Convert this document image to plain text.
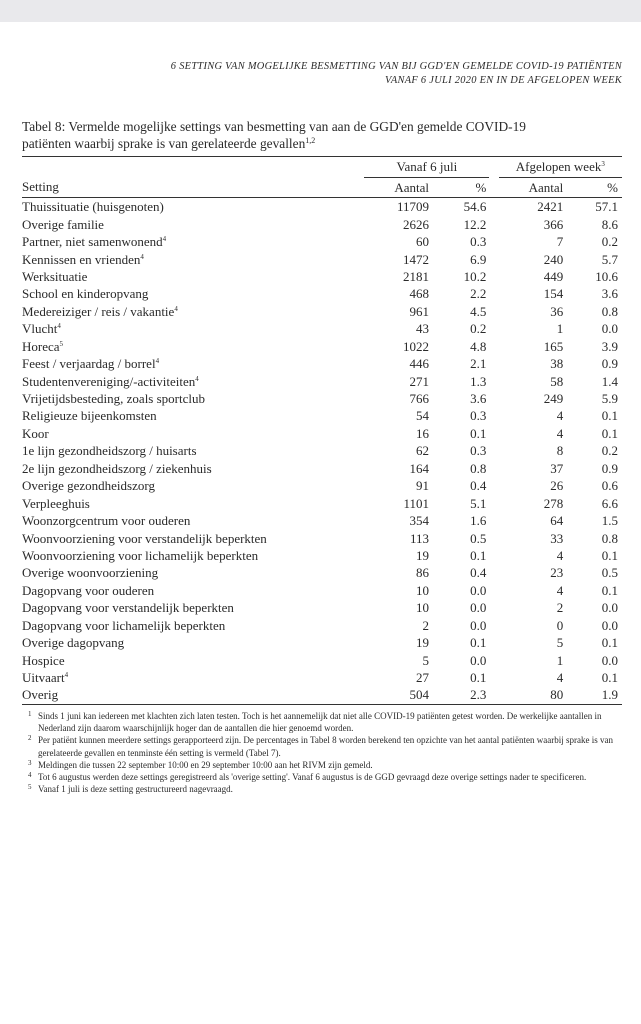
6 SETTING VAN MOGELIJKE BESMETTING VAN BIJ GGD'EN GEMELDE COVID-19 PATIËNTEN
VANAF 6 JULI 2020 EN IN DE AFGELOPEN WEEK
Tabel 8: Vermelde mogelijke settings van besmetting van aan de GGD'en gemelde COVID-19
patiënten waarbij sprake is van gerelateerde gevallen$^{1,2}$
	Vanaf 6 juli			Afgelopen week$^3$
Setting	Aantal	%		Aantal	%
Thuissituatie (huisgenoten)	11709	54.6		2421	57.1
Overige familie	2626	12.2		366	8.6
Partner, niet samenwonend$^4$	60	0.3		7	0.2
Kennissen en vrienden$^4$	1472	6.9		240	5.7
Werksituatie	2181	10.2		449	10.6
School en kinderopvang	468	2.2		154	3.6
Medereiziger / reis / vakantie$^4$	961	4.5		36	0.8
Vlucht$^4$	43	0.2		1	0.0
Horeca$^5$	1022	4.8		165	3.9
Feest / verjaardag / borrel$^4$	446	2.1		38	0.9
Studentenvereniging/-activiteiten$^4$	271	1.3		58	1.4
Vrijetijdsbesteding, zoals sportclub	766	3.6		249	5.9
Religieuze bijeenkomsten	54	0.3		4	0.1
Koor	16	0.1		4	0.1
1e lijn gezondheidszorg / huisarts	62	0.3		8	0.2
2e lijn gezondheidszorg / ziekenhuis	164	0.8		37	0.9
Overige gezondheidszorg	91	0.4		26	0.6
Verpleeghuis	1101	5.1		278	6.6
Woonzorgcentrum voor ouderen	354	1.6		64	1.5
Woonvoorziening voor verstandelijk beperkten	113	0.5		33	0.8
Woonvoorziening voor lichamelijk beperkten	19	0.1		4	0.1
Overige woonvoorziening	86	0.4		23	0.5
Dagopvang voor ouderen	10	0.0		4	0.1
Dagopvang voor verstandelijk beperkten	10	0.0		2	0.0
Dagopvang voor lichamelijk beperkten	2	0.0		0	0.0
Overige dagopvang	19	0.1		5	0.1
Hospice	5	0.0		1	0.0
Uitvaart$^4$	27	0.1		4	0.1
Overig	504	2.3		80	1.9
1 Sinds 1 juni kan iedereen met klachten zich laten testen. Toch is het aannemelijk dat niet alle COVID-19 patiënten getest worden. De werkelijke aantallen in Nederland zijn daarom waarschijnlijk hoger dan de aantallen die hier genoemd worden.
2 Per patiënt kunnen meerdere settings gerapporteerd zijn. De percentages in Tabel 8 worden berekend ten opzichte van het aantal patiënten waarbij sprake is van gerelateerde gevallen en tenminste één setting is vermeld (Tabel 7).
3 Meldingen die tussen 22 september 10:00 en 29 september 10:00 aan het RIVM zijn gemeld.
4 Tot 6 augustus werden deze settings geregistreerd als 'overige setting'. Vanaf 6 augustus is de GGD gevraagd deze overige settings nader te specificeren.
5 Vanaf 1 juli is deze setting gestructureerd nagevraagd.
